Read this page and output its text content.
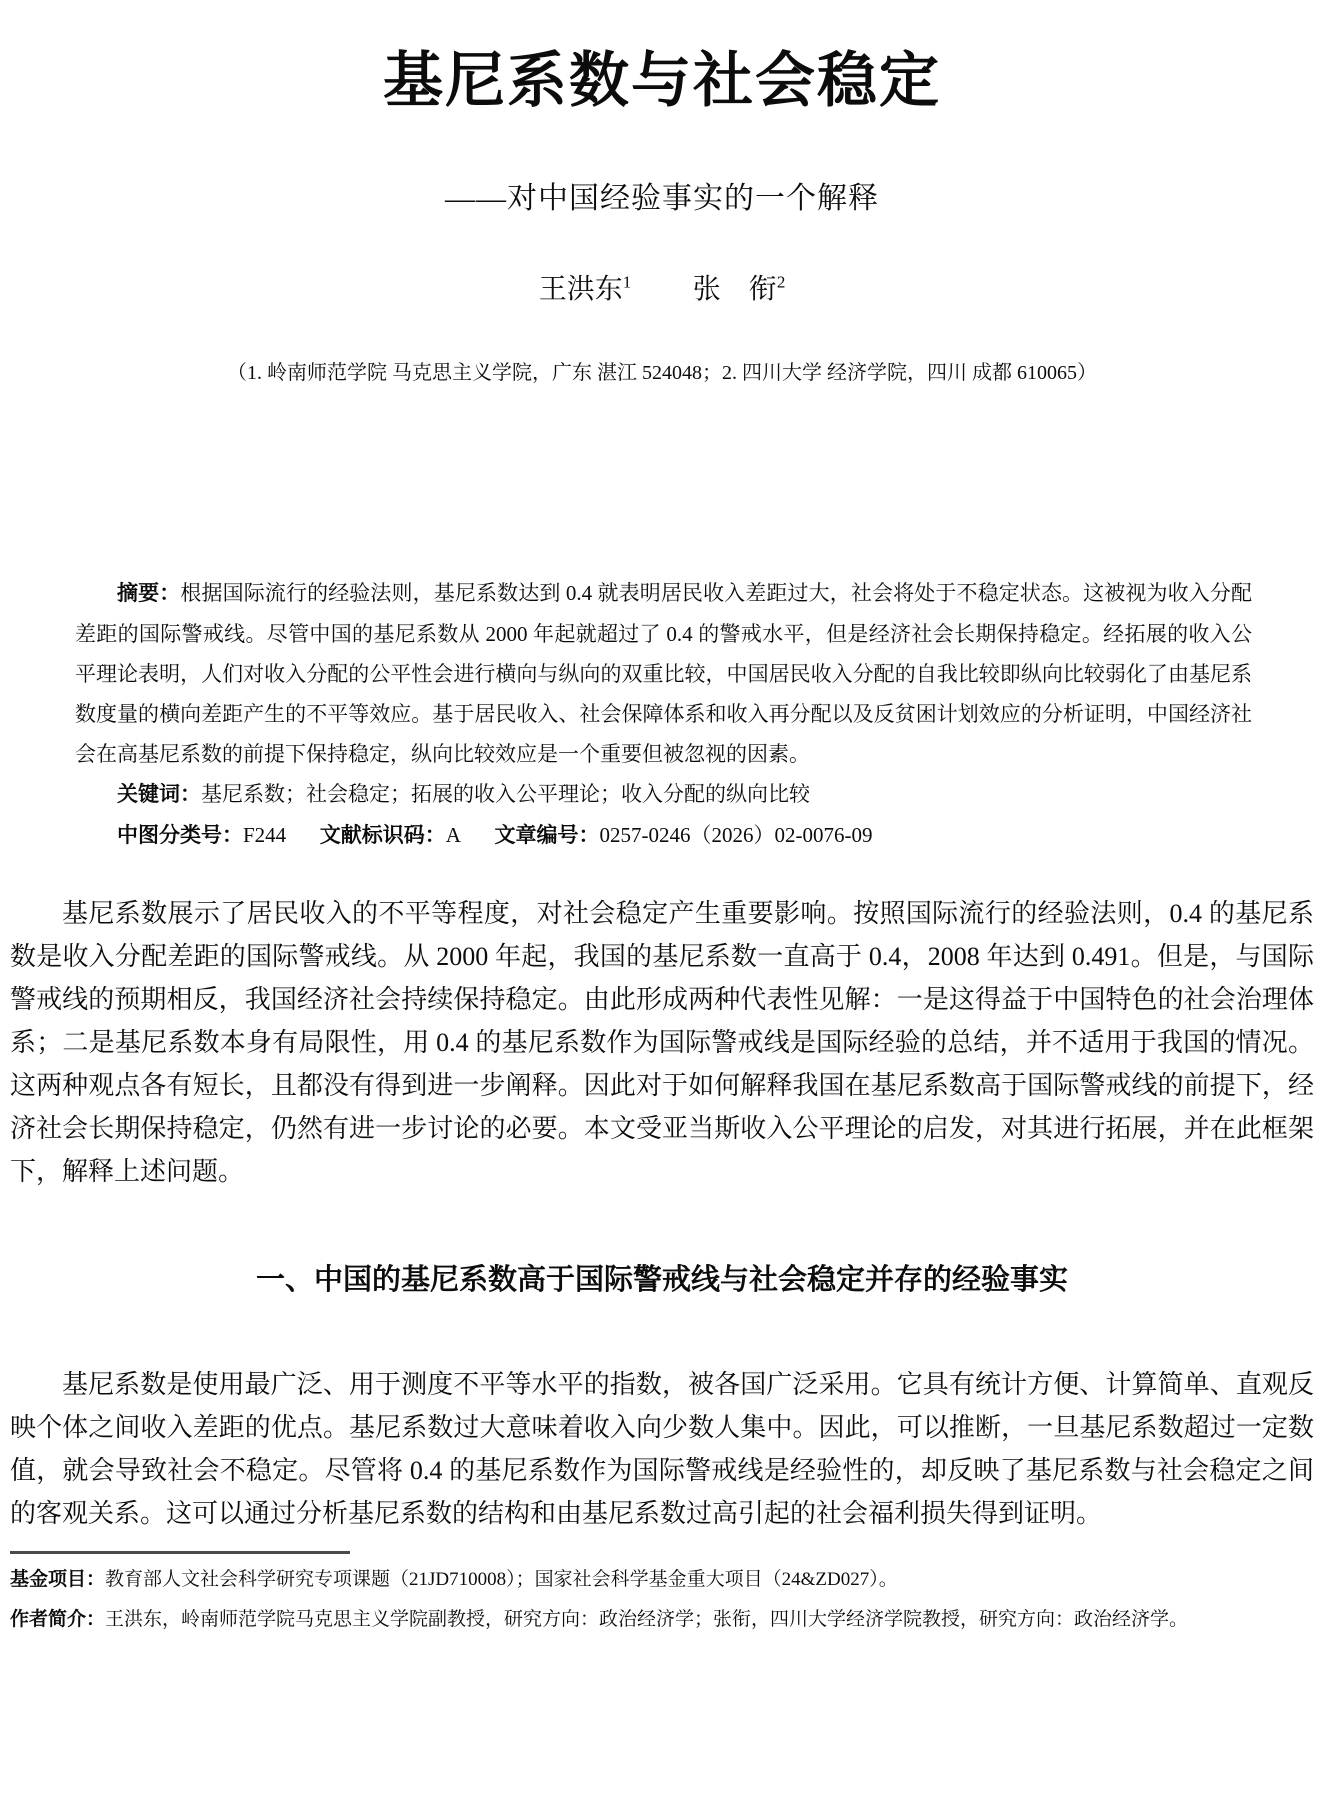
基尼系数与社会稳定
——对中国经验事实的一个解释
王洪东$^1$ 张　衔$^2$
（1. 岭南师范学院 马克思主义学院，广东 湛江 524048；2. 四川大学 经济学院，四川 成都 610065）

摘要：根据国际流行的经验法则，基尼系数达到 0.4 就表明居民收入差距过大，社会将处于不稳定状态。这被视为收入分配差距的国际警戒线。尽管中国的基尼系数从 2000 年起就超过了 0.4 的警戒水平，但是经济社会长期保持稳定。经拓展的收入公平理论表明，人们对收入分配的公平性会进行横向与纵向的双重比较，中国居民收入分配的自我比较即纵向比较弱化了由基尼系数度量的横向差距产生的不平等效应。基于居民收入、社会保障体系和收入再分配以及反贫困计划效应的分析证明，中国经济社会在高基尼系数的前提下保持稳定，纵向比较效应是一个重要但被忽视的因素。

关键词：基尼系数；社会稳定；拓展的收入公平理论；收入分配的纵向比较

中图分类号：F244 文献标识码：A 文章编号：0257-0246（2026）02-0076-09

基尼系数展示了居民收入的不平等程度，对社会稳定产生重要影响。按照国际流行的经验法则，0.4 的基尼系数是收入分配差距的国际警戒线。从 2000 年起，我国的基尼系数一直高于 0.4，2008 年达到 0.491。但是，与国际警戒线的预期相反，我国经济社会持续保持稳定。由此形成两种代表性见解：一是这得益于中国特色的社会治理体系；二是基尼系数本身有局限性，用 0.4 的基尼系数作为国际警戒线是国际经验的总结，并不适用于我国的情况。这两种观点各有短长，且都没有得到进一步阐释。因此对于如何解释我国在基尼系数高于国际警戒线的前提下，经济社会长期保持稳定，仍然有进一步讨论的必要。本文受亚当斯收入公平理论的启发，对其进行拓展，并在此框架下，解释上述问题。

一、中国的基尼系数高于国际警戒线与社会稳定并存的经验事实

基尼系数是使用最广泛、用于测度不平等水平的指数，被各国广泛采用。它具有统计方便、计算简单、直观反映个体之间收入差距的优点。基尼系数过大意味着收入向少数人集中。因此，可以推断，一旦基尼系数超过一定数值，就会导致社会不稳定。尽管将 0.4 的基尼系数作为国际警戒线是经验性的，却反映了基尼系数与社会稳定之间的客观关系。这可以通过分析基尼系数的结构和由基尼系数过高引起的社会福利损失得到证明。

基金项目：教育部人文社会科学研究专项课题（21JD710008）；国家社会科学基金重大项目（24&ZD027）。

作者简介：王洪东，岭南师范学院马克思主义学院副教授，研究方向：政治经济学；张衔，四川大学经济学院教授，研究方向：政治经济学。
